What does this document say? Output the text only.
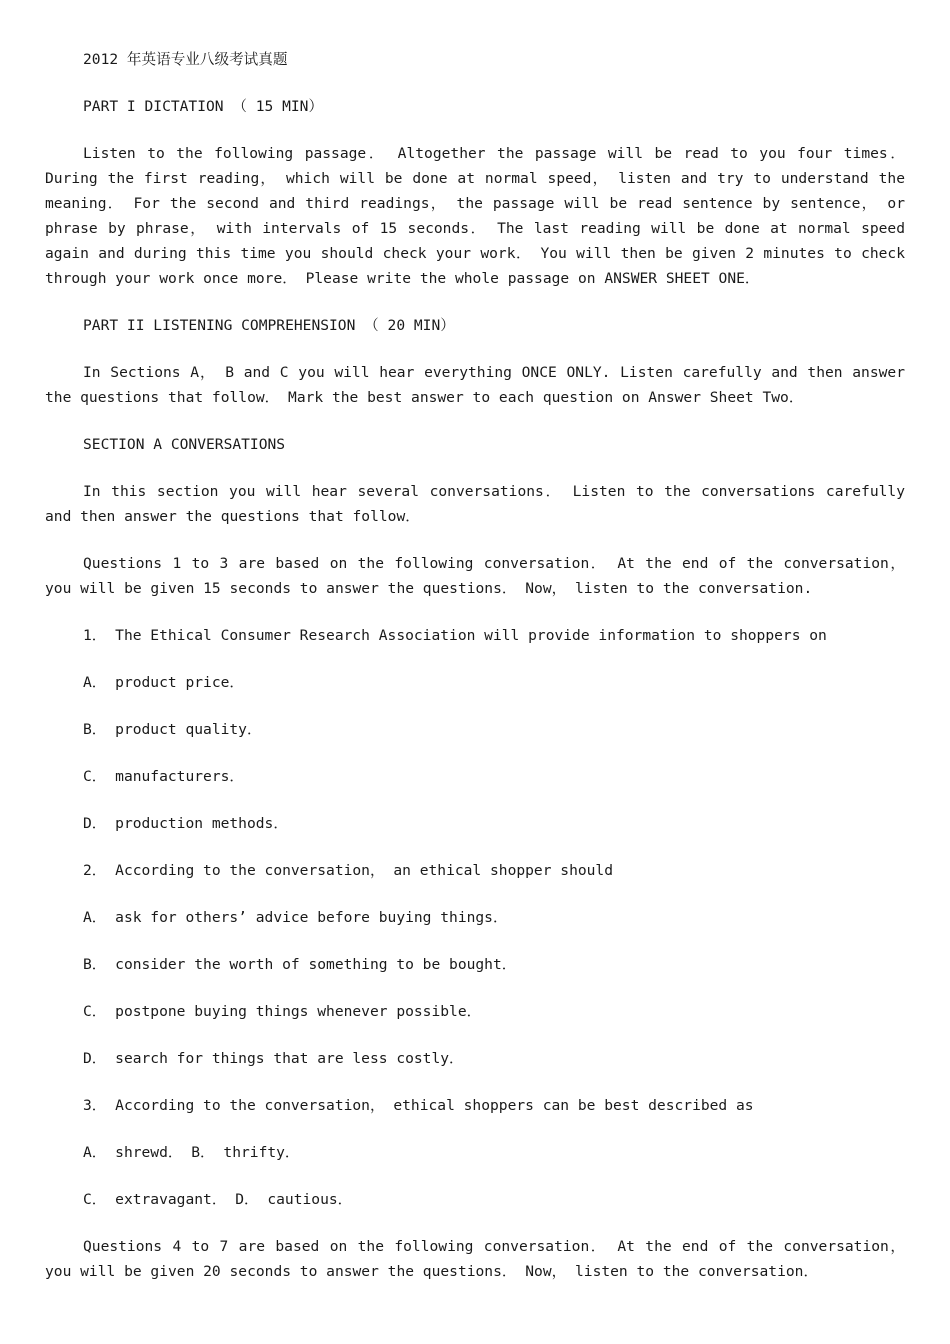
2012 年英语专业八级考试真题

PART I DICTATION （ 15 MIN）

Listen to the following passage． Altogether the passage will be read to you four times． During the first reading， which will be done at normal speed， listen and try to understand the meaning． For the second and third readings， the passage will be read sentence by sentence， or phrase by phrase， with intervals of 15 seconds． The last reading will be done at normal speed again and during this time you should check your work． You will then be given 2 minutes to check through your work once more． Please write the whole passage on ANSWER SHEET ONE．

PART II LISTENING COMPREHENSION （ 20 MIN）

In Sections A， B and C you will hear everything ONCE ONLY. Listen carefully and then answer the questions that follow． Mark the best answer to each question on Answer Sheet Two．

SECTION A CONVERSATIONS

In this section you will hear several conversations． Listen to the conversations carefully and then answer the questions that follow．

Questions 1 to 3 are based on the following conversation． At the end of the conversation， you will be given 15 seconds to answer the questions． Now， listen to the conversation.

1． The Ethical Consumer Research Association will provide information to shoppers on

A． product price．

B． product quality．

C． manufacturers．

D． production methods．

2． According to the conversation， an ethical shopper should

A． ask for others’ advice before buying things．

B． consider the worth of something to be bought．

C． postpone buying things whenever possible．

D． search for things that are less costly．

3． According to the conversation， ethical shoppers can be best described as

A． shrewd． B． thrifty．

C． extravagant． D． cautious．

Questions 4 to 7 are based on the following conversation． At the end of the conversation， you will be given 20 seconds to answer the questions． Now， listen to the conversation．
